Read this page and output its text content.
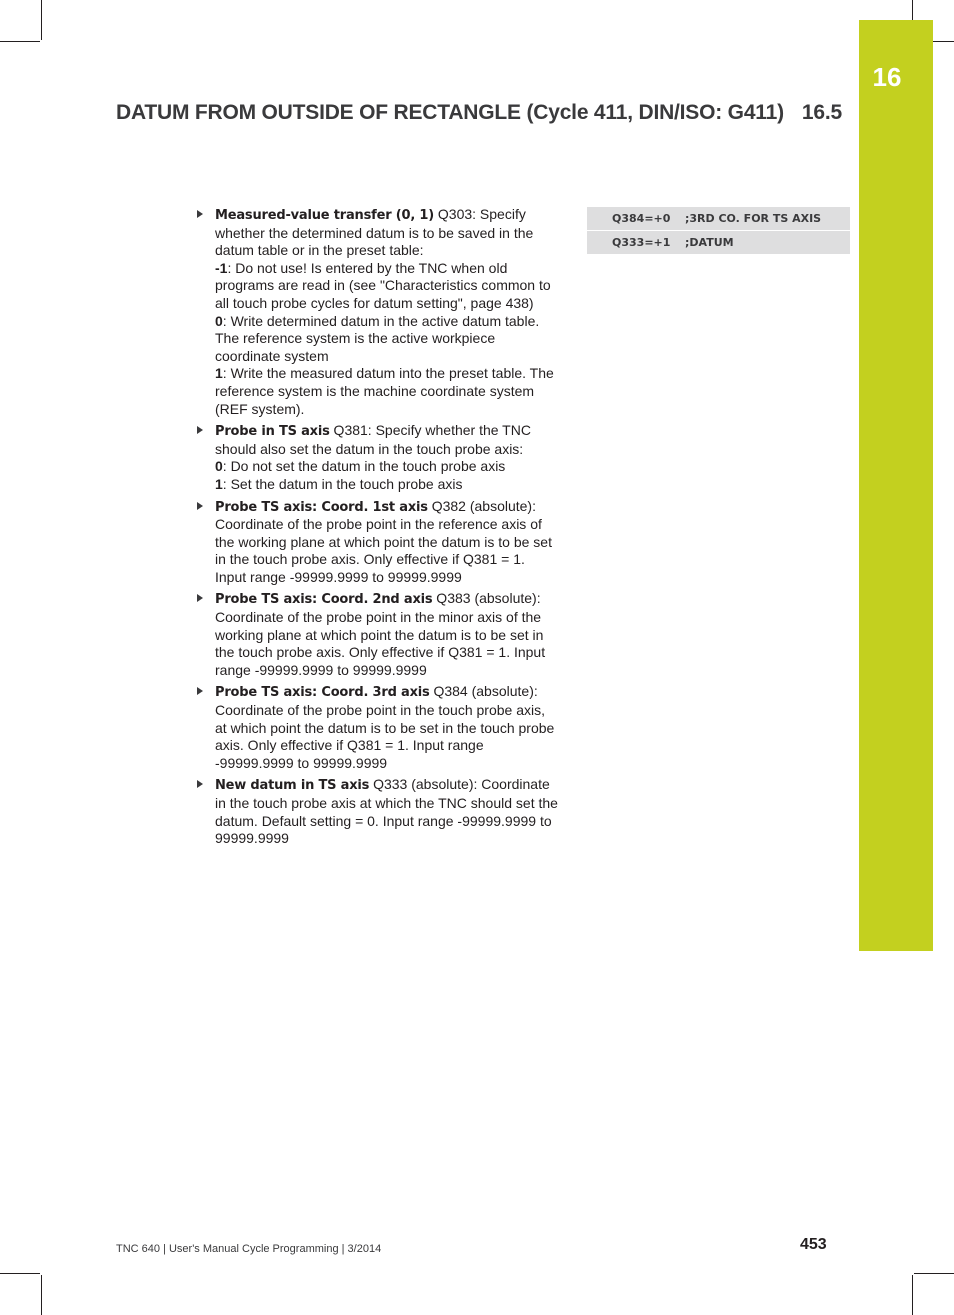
16
DATUM FROM OUTSIDE OF RECTANGLE (Cycle 411, DIN/ISO: G411) 16.5
Measured-value transfer (0, 1) Q303: Specify whether the determined datum is to be saved in the datum table or in the preset table:
-1: Do not use! Is entered by the TNC when old programs are read in (see "Characteristics common to all touch probe cycles for datum setting", page 438)
0: Write determined datum in the active datum table. The reference system is the active workpiece coordinate system
1: Write the measured datum into the preset table. The reference system is the machine coordinate system (REF system).
Probe in TS axis Q381: Specify whether the TNC should also set the datum in the touch probe axis:
0: Do not set the datum in the touch probe axis
1: Set the datum in the touch probe axis
Probe TS axis: Coord. 1st axis Q382 (absolute): Coordinate of the probe point in the reference axis of the working plane at which point the datum is to be set in the touch probe axis. Only effective if Q381 = 1. Input range -99999.9999 to 99999.9999
Probe TS axis: Coord. 2nd axis Q383 (absolute): Coordinate of the probe point in the minor axis of the working plane at which point the datum is to be set in the touch probe axis. Only effective if Q381 = 1. Input range -99999.9999 to 99999.9999
Probe TS axis: Coord. 3rd axis Q384 (absolute): Coordinate of the probe point in the touch probe axis, at which point the datum is to be set in the touch probe axis. Only effective if Q381 = 1. Input range -99999.9999 to 99999.9999
New datum in TS axis Q333 (absolute): Coordinate in the touch probe axis at which the TNC should set the datum. Default setting = 0. Input range -99999.9999 to 99999.9999
Q384=+0	;3RD CO. FOR TS AXIS
Q333=+1	;DATUM
TNC 640 | User's Manual Cycle Programming | 3/2014	453
